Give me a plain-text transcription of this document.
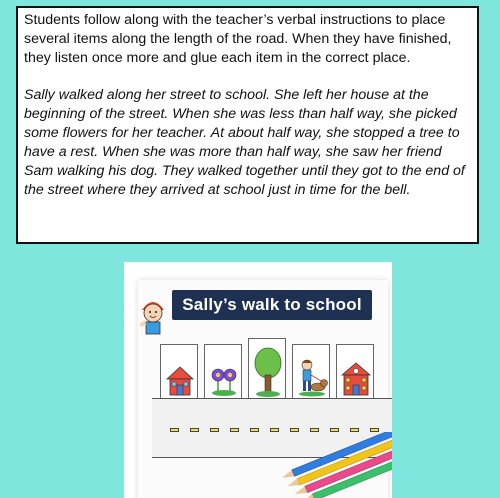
Students follow along with the teacher’s verbal instructions to place several items along the length of the road. When they have finished, they listen once more and glue each item in the correct place.

Sally walked along her street to school. She left her house at the beginning of the street. When she was less than half way, she picked some flowers for her teacher. At about half way, she stopped a tree to have a rest. When she was more than half way, she saw her friend Sam walking his dog. They walked together until they got to the end of the street where they arrived at school just in time for the bell.

Sally’s walk to school
